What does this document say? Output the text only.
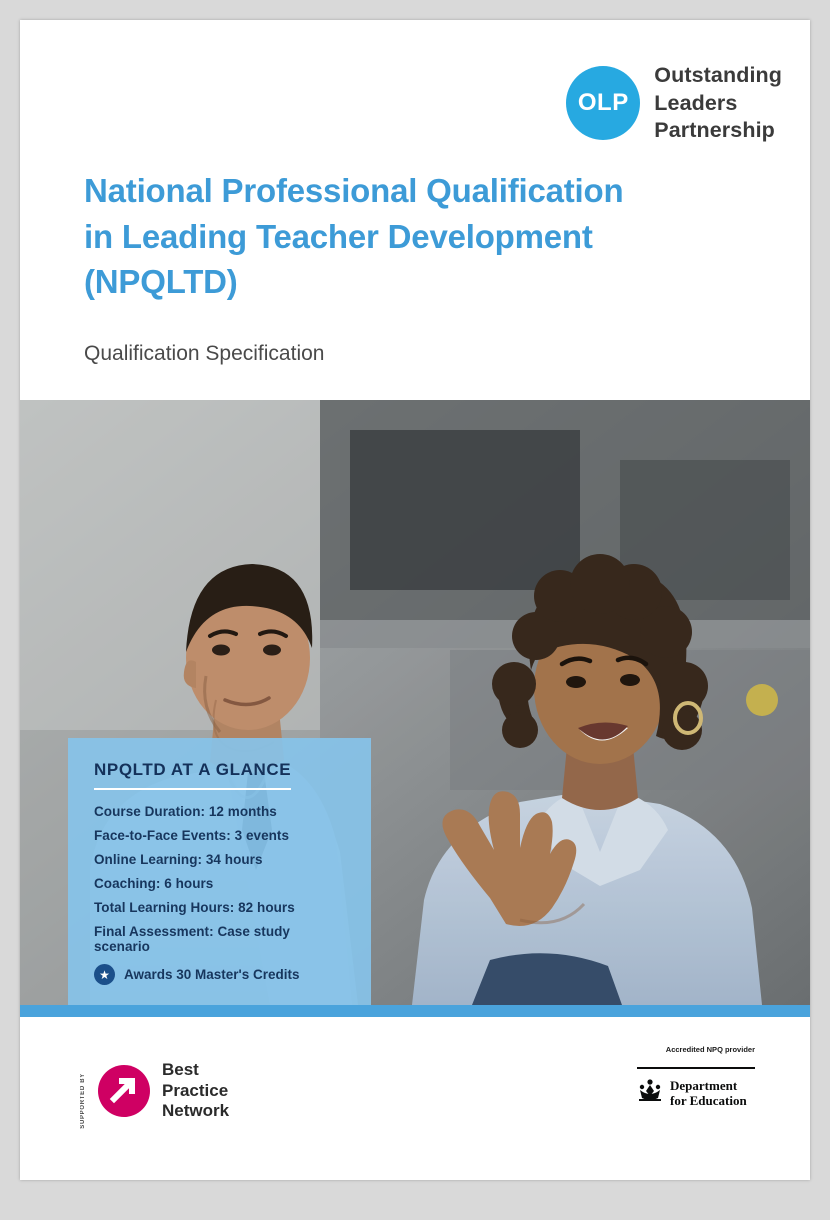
OLP
Outstanding
Leaders
Partnership
National Professional Qualification
in Leading Teacher Development
(NPQLTD)
Qualification Specification
NPQLTD AT A GLANCE
Course Duration: 12 months
Face-to-Face Events: 3 events
Online Learning: 34 hours
Coaching: 6 hours
Total Learning Hours: 82 hours
Final Assessment: Case study scenario
★	Awards 30 Master's Credits
SUPPORTED BY
Best
Practice
Network
Accredited NPQ provider
Department
for Education
